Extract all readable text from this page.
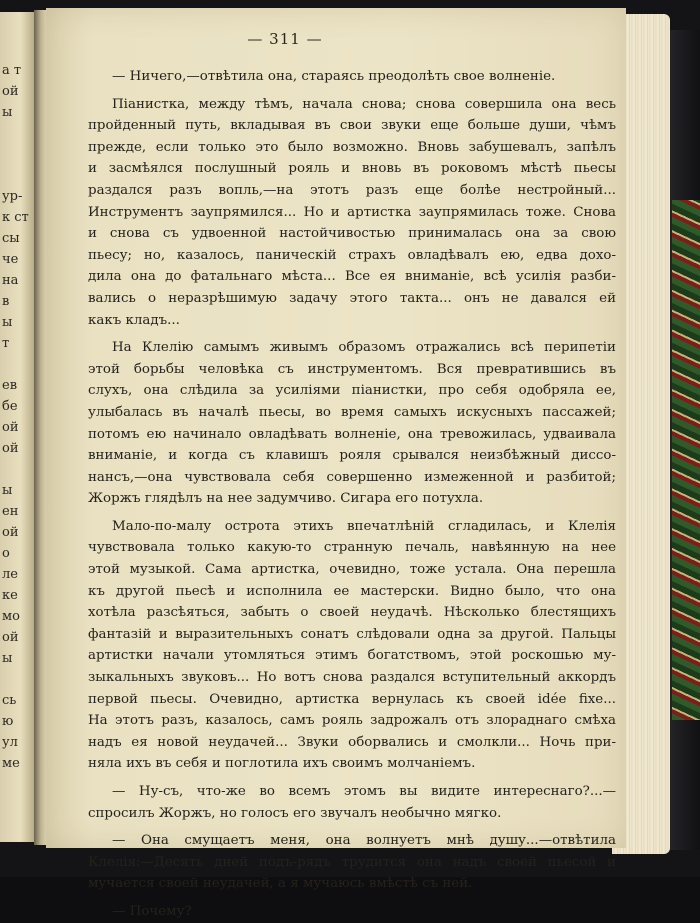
а т
ой
ы
ур-
к ст
сы
че
на
в
ы
т
ев
бе
ой
ой
ы
ен
ой
о
ле
ке
мо
ой
ы
сь
ю
ул
ме
— 311 —
— Ничего,—отвѣтила она, стараясь преодолѣть свое волненіе.
Піанистка, между тѣмъ, начала снова; снова совершила она весь
пройденный путь, вкладывая въ свои звуки еще больше души, чѣмъ
прежде, если только это было возможно. Вновь забушевалъ, запѣлъ
и засмѣялся послушный рояль и вновь въ роковомъ мѣстѣ пьесы
раздался разъ вопль,—на этотъ разъ еще болѣе нестройный...
Инструментъ заупрямился... Но и артистка заупрямилась тоже. Снова
и снова съ удвоенной настойчивостью принималась она за свою
пьесу; но, казалось, паническій страхъ овладѣвалъ ею, едва дохо-
дила она до фатальнаго мѣста... Все ея вниманіе, всѣ усилія разби-
вались о неразрѣшимую задачу этого такта... онъ не давался ей
какъ кладъ...
На Клелію самымъ живымъ образомъ отражались всѣ перипетіи
этой борьбы человѣка съ инструментомъ. Вся превратившись въ
слухъ, она слѣдила за усиліями піанистки, про себя одобряла ее,
улыбалась въ началѣ пьесы, во время самыхъ искусныхъ пассажей;
потомъ ею начинало овладѣвать волненіе, она тревожилась, удваивала
вниманіе, и когда съ клавишъ рояля срывался неизбѣжный диссо-
нансъ,—она чувствовала себя совершенно измеженной и разбитой;
Жоржъ глядѣлъ на нее задумчиво. Сигара его потухла.
Мало-по-малу острота этихъ впечатлѣній сгладилась, и Клелія
чувствовала только какую-то странную печаль, навѣянную на нее
этой музыкой. Сама артистка, очевидно, тоже устала. Она перешла
къ другой пьесѣ и исполнила ее мастерски. Видно было, что она
хотѣла разсѣяться, забыть о своей неудачѣ. Нѣсколько блестящихъ
фантазій и выразительныхъ сонатъ слѣдовали одна за другой. Пальцы
артистки начали утомляться этимъ богатствомъ, этой роскошью му-
зыкальныхъ звуковъ... Но вотъ снова раздался вступительный аккордъ
первой пьесы. Очевидно, артистка вернулась къ своей idée fixe...
На этотъ разъ, казалось, самъ рояль задрожалъ отъ злораднаго смѣха
надъ ея новой неудачей... Звуки оборвались и смолкли... Ночь при-
няла ихъ въ себя и поглотила ихъ своимъ молчаніемъ.
— Ну-съ, что-же во всемъ этомъ вы видите интереснаго?...—
спросилъ Жоржъ, но голосъ его звучалъ необычно мягко.
— Она смущаетъ меня, она волнуетъ мнѣ душу...—отвѣтила
Клелія:—Десять дней подъ-рядъ трудится она надъ своей пьесой и
мучается своей неудачей, а я мучаюсь вмѣстѣ съ ней.
— Почему?
